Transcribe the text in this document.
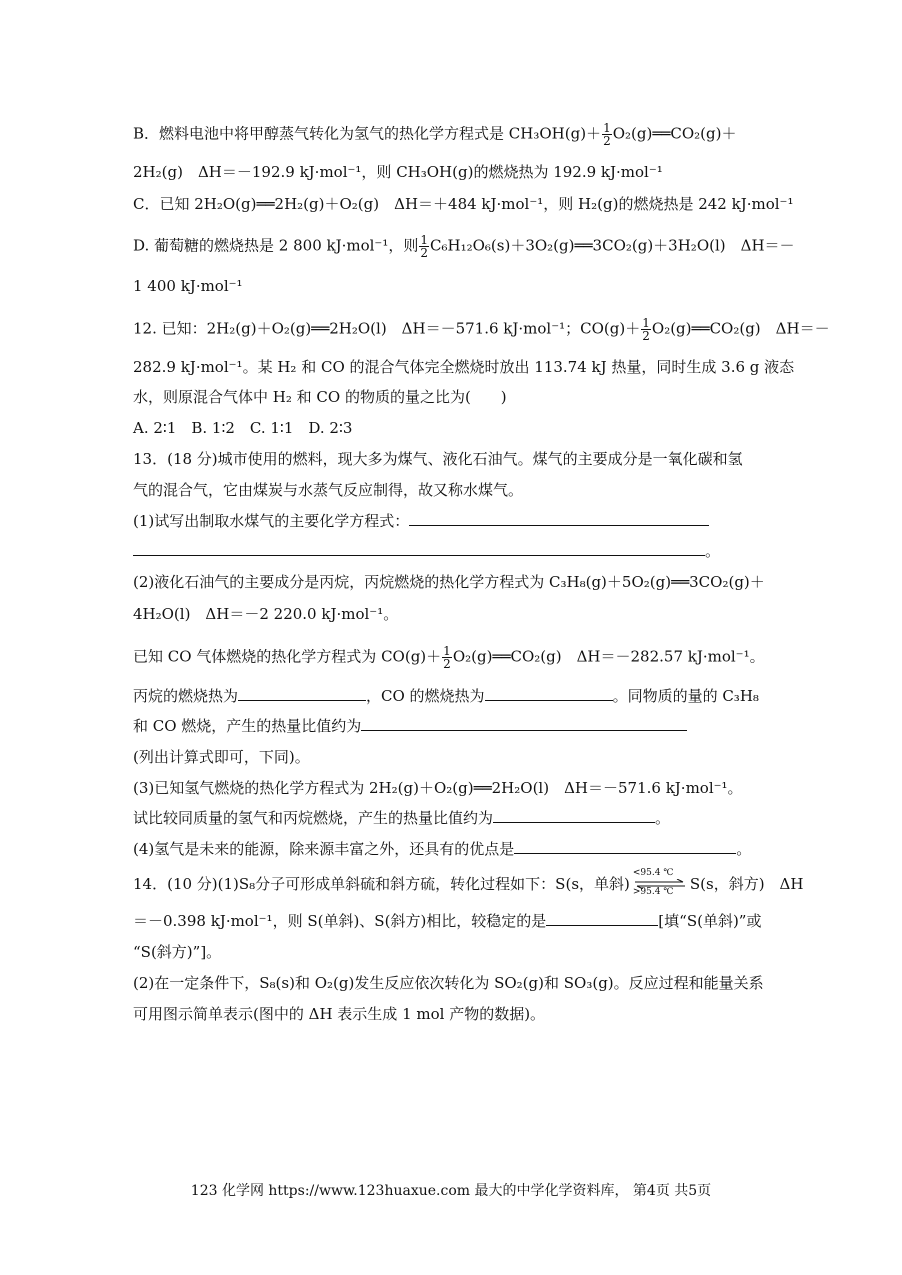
B．燃料电池中将甲醇蒸气转化为氢气的热化学方程式是 $CH_3OH(g)+ \frac{1}{2}$ O₂(g)══CO₂(g)＋
2H₂(g)　ΔH＝－192.9 kJ·mol⁻¹，则 CH₃OH(g)的燃烧热为 192.9 kJ·mol⁻¹
C．已知 2H₂O(g)══2H₂(g)＋O₂(g)　ΔH＝＋484 kJ·mol⁻¹，则 H₂(g)的燃烧热是 242 kJ·mol⁻¹
D. 葡萄糖的燃烧热是 2 800 kJ·mol⁻¹，则 $\frac{1}{2}$ C₆H₁₂O₆(s)＋3O₂(g)══3CO₂(g)＋3H₂O(l)　ΔH＝－
1 400 kJ·mol⁻¹
12. 已知：2H₂(g)＋O₂(g)══2H₂O(l)　ΔH＝－571.6 kJ·mol⁻¹；$CO(g)+ \frac{1}{2}$ O₂(g)══CO₂(g)　ΔH＝－
282.9 kJ·mol⁻¹。某 H₂ 和 CO 的混合气体完全燃烧时放出 113.74 kJ 热量，同时生成 3.6 g 液态
水，则原混合气体中 H₂ 和 CO 的物质的量之比为(　　)
A. 2∶1　B. 1∶2　C. 1∶1　D. 2∶3
13．(18 分)城市使用的燃料，现大多为煤气、液化石油气。煤气的主要成分是一氧化碳和氢
气的混合气，它由煤炭与水蒸气反应制得，故又称水煤气。
(1)试写出制取水煤气的主要化学方程式：
。
(2)液化石油气的主要成分是丙烷，丙烷燃烧的热化学方程式为 C₃H₈(g)＋5O₂(g)══3CO₂(g)＋
4H₂O(l)　ΔH＝－2 220.0 kJ·mol⁻¹。
已知 CO 气体燃烧的热化学方程式为 $CO(g)+ \frac{1}{2}$ O₂(g)══CO₂(g)　ΔH＝－282.57 kJ·mol⁻¹。
丙烷的燃烧热为	，CO 的燃烧热为	。同物质的量的 C₃H₈
和 CO 燃烧，产生的热量比值约为
(列出计算式即可，下同)。
(3)已知氢气燃烧的热化学方程式为 2H₂(g)＋O₂(g)══2H₂O(l)　ΔH＝－571.6 kJ·mol⁻¹。
试比较同质量的氢气和丙烷燃烧，产生的热量比值约为	。
(4)氢气是未来的能源，除来源丰富之外，还具有的优点是	。
14．(10 分)(1)S₈分子可形成单斜硫和斜方硫，转化过程如下：S(s，单斜)
<95.4 ℃
>95.4 ℃ S(s，斜方)　ΔH
＝－0.398 kJ·mol⁻¹，则 S(单斜)、S(斜方)相比，较稳定的是	[填“S(单斜)”或
“S(斜方)”]。
(2)在一定条件下，S₈(s)和 O₂(g)发生反应依次转化为 SO₂(g)和 SO₃(g)。反应过程和能量关系
可用图示简单表示(图中的 ΔH 表示生成 1 mol 产物的数据)。
123 化学网 https://www.123huaxue.com 最大的中学化学资料库， 第4页 共5页
